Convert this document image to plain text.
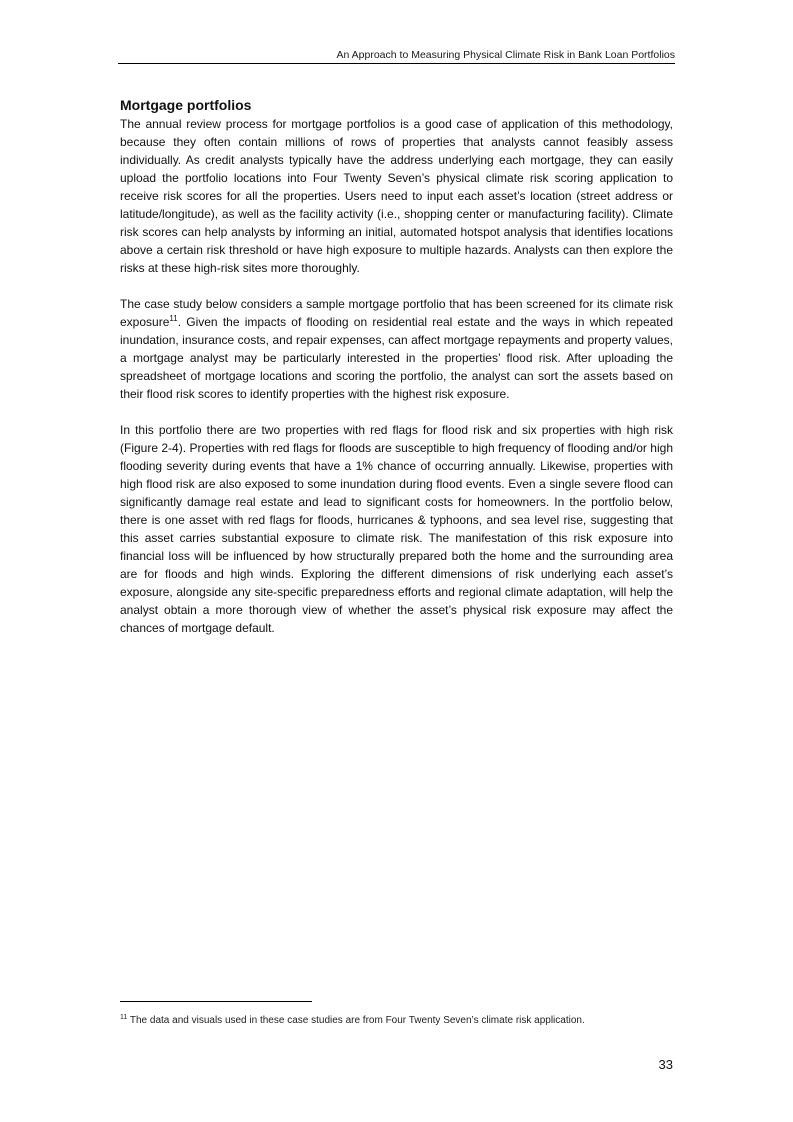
An Approach to Measuring Physical Climate Risk in Bank Loan Portfolios
Mortgage portfolios

The annual review process for mortgage portfolios is a good case of application of this methodology, because they often contain millions of rows of properties that analysts cannot feasibly assess individually. As credit analysts typically have the address underlying each mortgage, they can easily upload the portfolio locations into Four Twenty Seven’s physical climate risk scoring application to receive risk scores for all the properties. Users need to input each asset’s location (street address or latitude/longitude), as well as the facility activity (i.e., shopping center or manufacturing facility). Climate risk scores can help analysts by informing an initial, automated hotspot analysis that identifies locations above a certain risk threshold or have high exposure to multiple hazards. Analysts can then explore the risks at these high-risk sites more thoroughly.

The case study below considers a sample mortgage portfolio that has been screened for its climate risk exposure$^{11}$. Given the impacts of flooding on residential real estate and the ways in which repeated inundation, insurance costs, and repair expenses, can affect mortgage repayments and property values, a mortgage analyst may be particularly interested in the properties’ flood risk. After uploading the spreadsheet of mortgage locations and scoring the portfolio, the analyst can sort the assets based on their flood risk scores to identify properties with the highest risk exposure.

In this portfolio there are two properties with red flags for flood risk and six properties with high risk (Figure 2-4). Properties with red flags for floods are susceptible to high frequency of flooding and/or high flooding severity during events that have a 1% chance of occurring annually. Likewise, properties with high flood risk are also exposed to some inundation during flood events. Even a single severe flood can significantly damage real estate and lead to significant costs for homeowners. In the portfolio below, there is one asset with red flags for floods, hurricanes & typhoons, and sea level rise, suggesting that this asset carries substantial exposure to climate risk. The manifestation of this risk exposure into financial loss will be influenced by how structurally prepared both the home and the surrounding area are for floods and high winds. Exploring the different dimensions of risk underlying each asset’s exposure, alongside any site-specific preparedness efforts and regional climate adaptation, will help the analyst obtain a more thorough view of whether the asset’s physical risk exposure may affect the chances of mortgage default.

$^{11}$ The data and visuals used in these case studies are from Four Twenty Seven’s climate risk application.
33
